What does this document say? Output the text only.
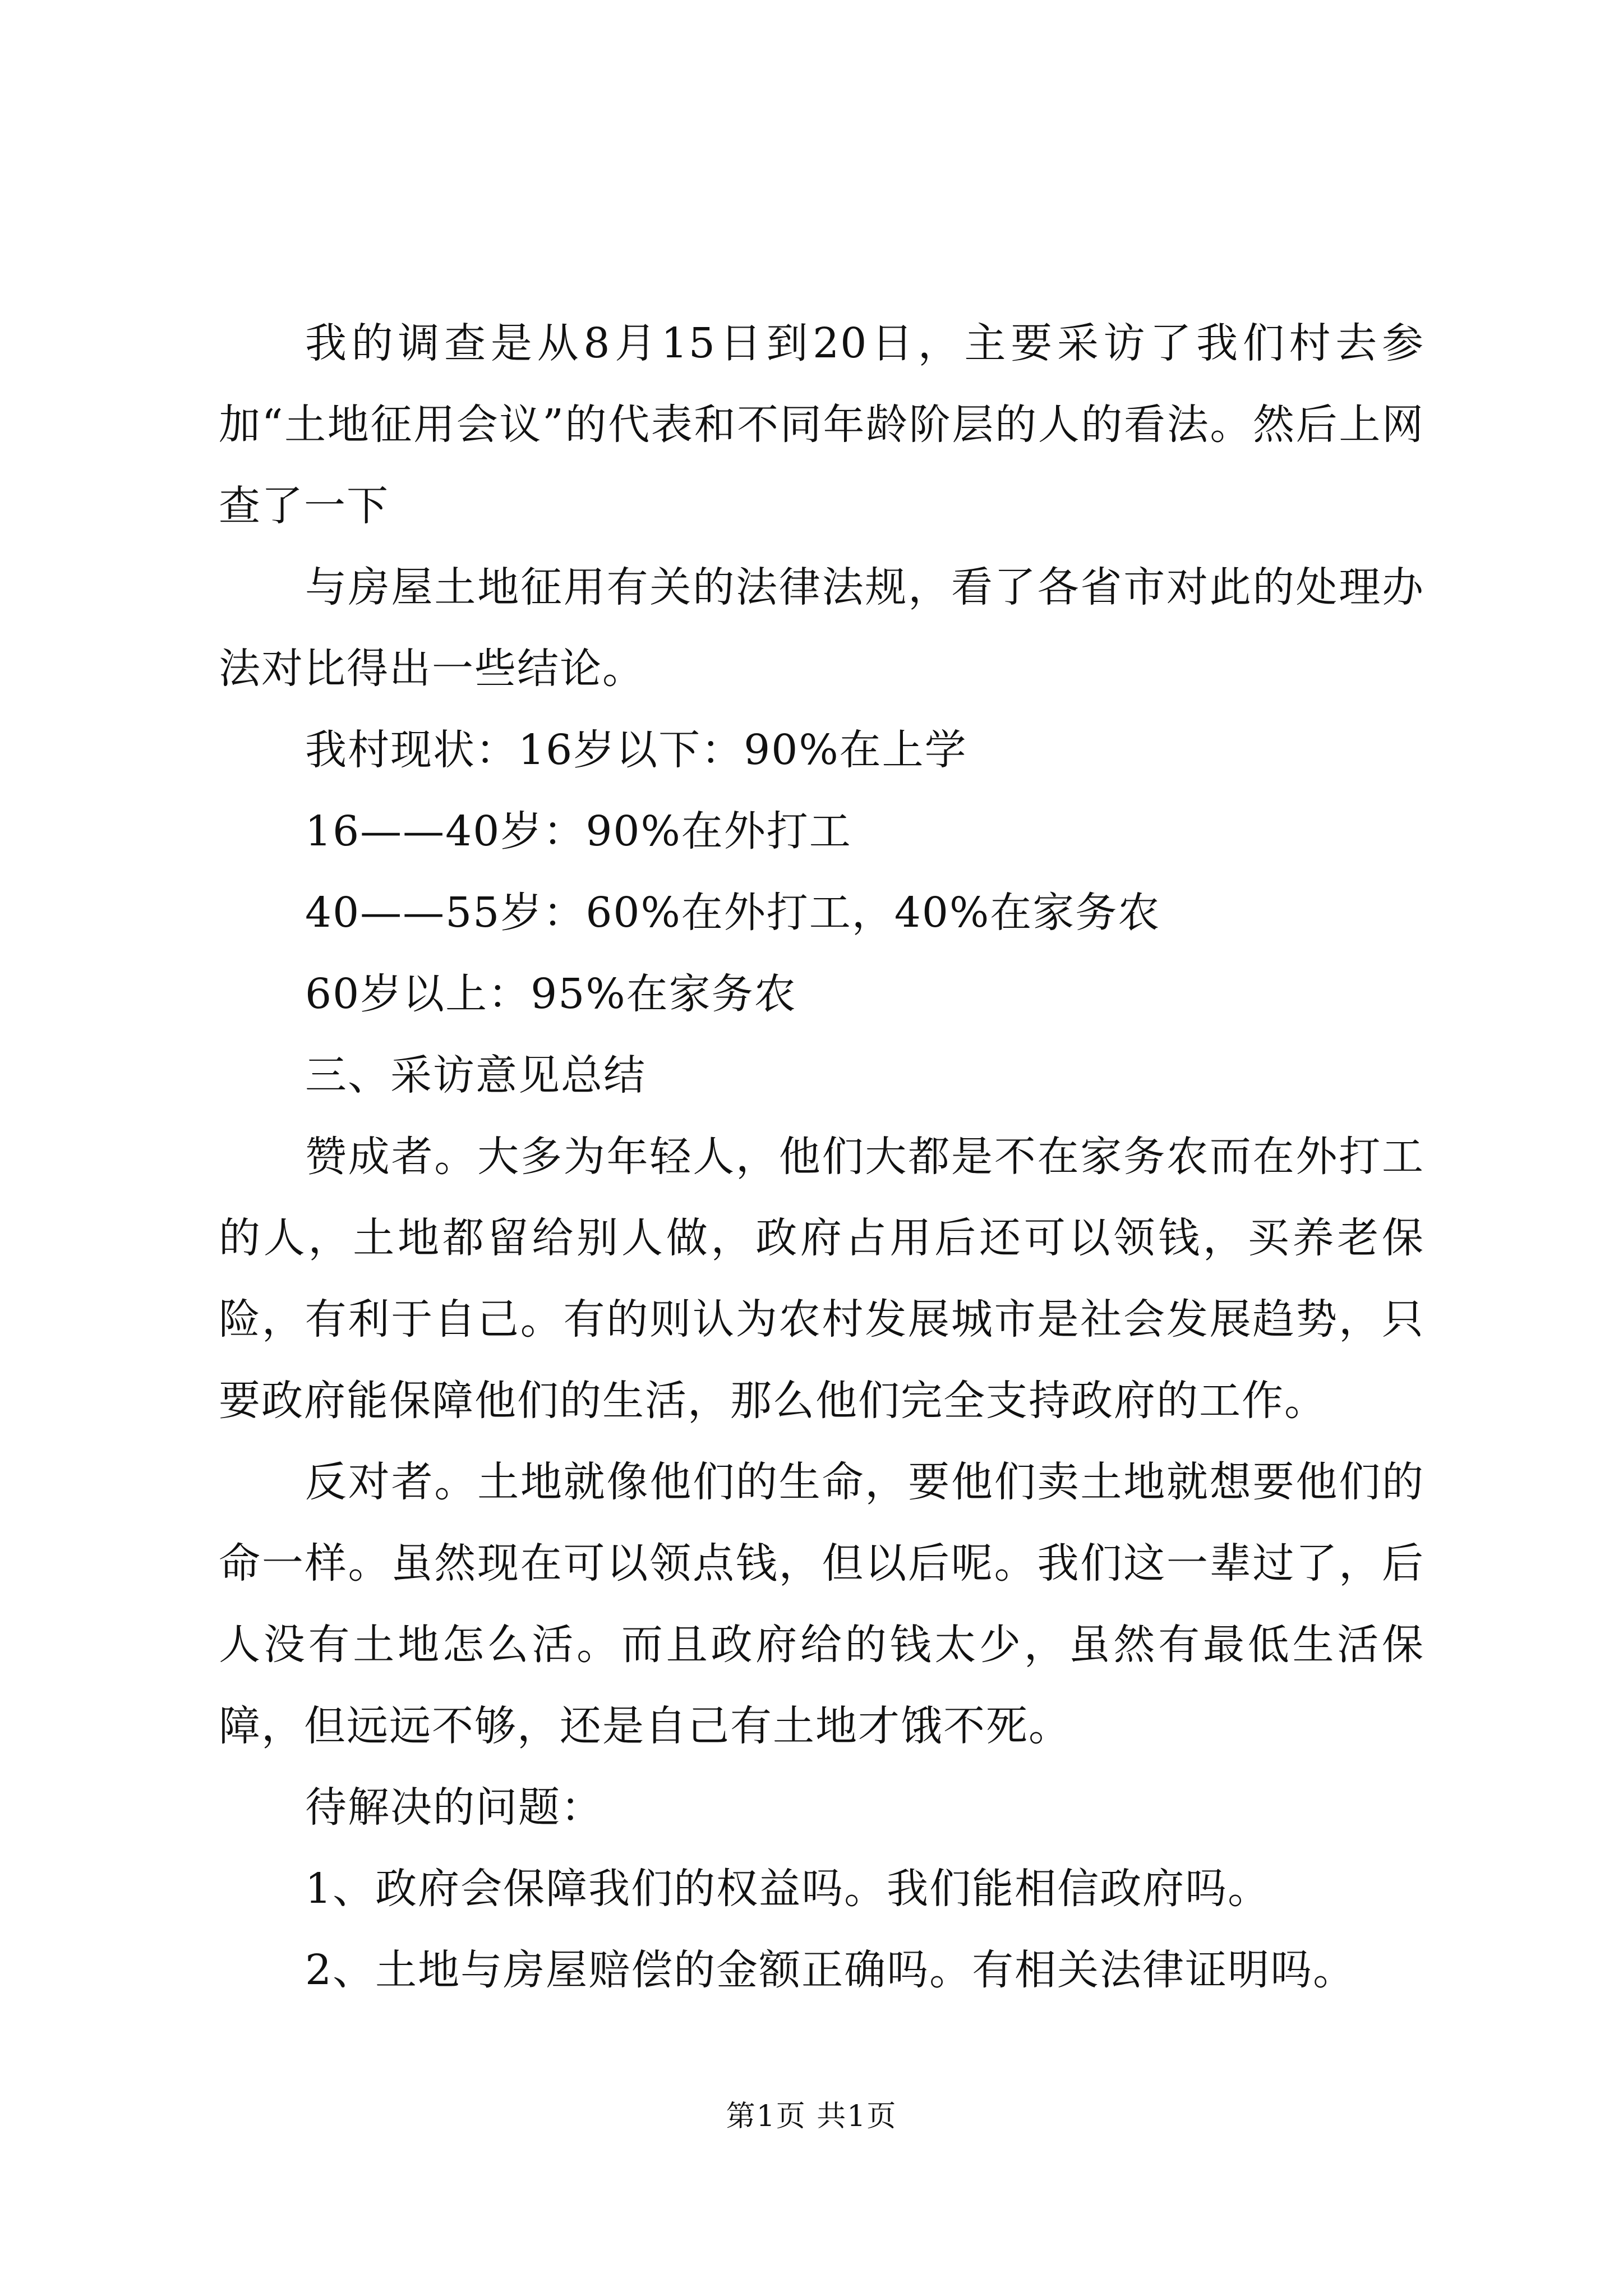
我的调查是从8月15日到20日，主要采访了我们村去参加“土地征用会议”的代表和不同年龄阶层的人的看法。然后上网查了一下

与房屋土地征用有关的法律法规，看了各省市对此的处理办法对比得出一些结论。

我村现状：16岁以下：90%在上学

16——40岁：90%在外打工

40——55岁：60%在外打工，40%在家务农

60岁以上：95%在家务农

三、采访意见总结

赞成者。大多为年轻人，他们大都是不在家务农而在外打工的人，土地都留给别人做，政府占用后还可以领钱，买养老保险，有利于自己。有的则认为农村发展城市是社会发展趋势，只要政府能保障他们的生活，那么他们完全支持政府的工作。

反对者。土地就像他们的生命，要他们卖土地就想要他们的命一样。虽然现在可以领点钱，但以后呢。我们这一辈过了，后人没有土地怎么活。而且政府给的钱太少，虽然有最低生活保障，但远远不够，还是自己有土地才饿不死。

待解决的问题：

1、政府会保障我们的权益吗。我们能相信政府吗。

2、土地与房屋赔偿的金额正确吗。有相关法律证明吗。

第1页 共1页
